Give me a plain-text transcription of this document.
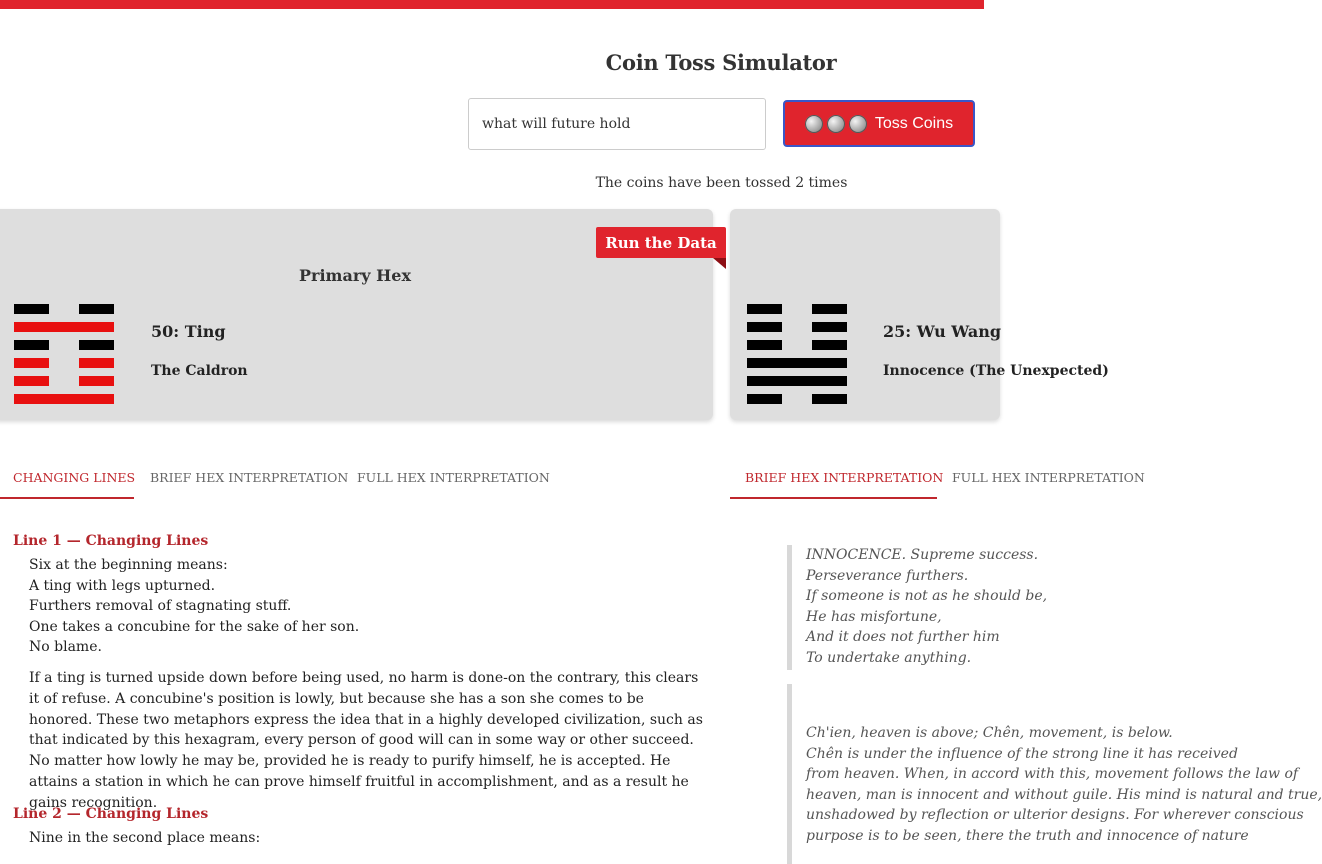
Coin Toss Simulator
what will future hold
Toss Coins
The coins have been tossed 2 times
Run the Data
Primary Hex
50: Ting
The Caldron
25: Wu Wang
Innocence (The Unexpected)
CHANGING LINES BRIEF HEX INTERPRETATION FULL HEX INTERPRETATION	BRIEF HEX INTERPRETATION FULL HEX INTERPRETATION
Line 1 — Changing Lines
Six at the beginning means:
A ting with legs upturned.
Furthers removal of stagnating stuff.
One takes a concubine for the sake of her son.
No blame.
If a ting is turned upside down before being used, no harm is done-on the contrary, this clears it of refuse. A concubine's position is lowly, but because she has a son she comes to be honored. These two metaphors express the idea that in a highly developed civilization, such as that indicated by this hexagram, every person of good will can in some way or other succeed. No matter how lowly he may be, provided he is ready to purify himself, he is accepted. He attains a station in which he can prove himself fruitful in accomplishment, and as a result he gains recognition.
Line 2 — Changing Lines
Nine in the second place means:
INNOCENCE. Supreme success.
Perseverance furthers.
If someone is not as he should be,
He has misfortune,
And it does not further him
To undertake anything.
Ch'ien, heaven is above; Chên, movement, is below.
Chên is under the influence of the strong line it has received
from heaven. When, in accord with this, movement follows the law of
heaven, man is innocent and without guile. His mind is natural and true,
unshadowed by reflection or ulterior designs. For wherever conscious
purpose is to be seen, there the truth and innocence of nature
